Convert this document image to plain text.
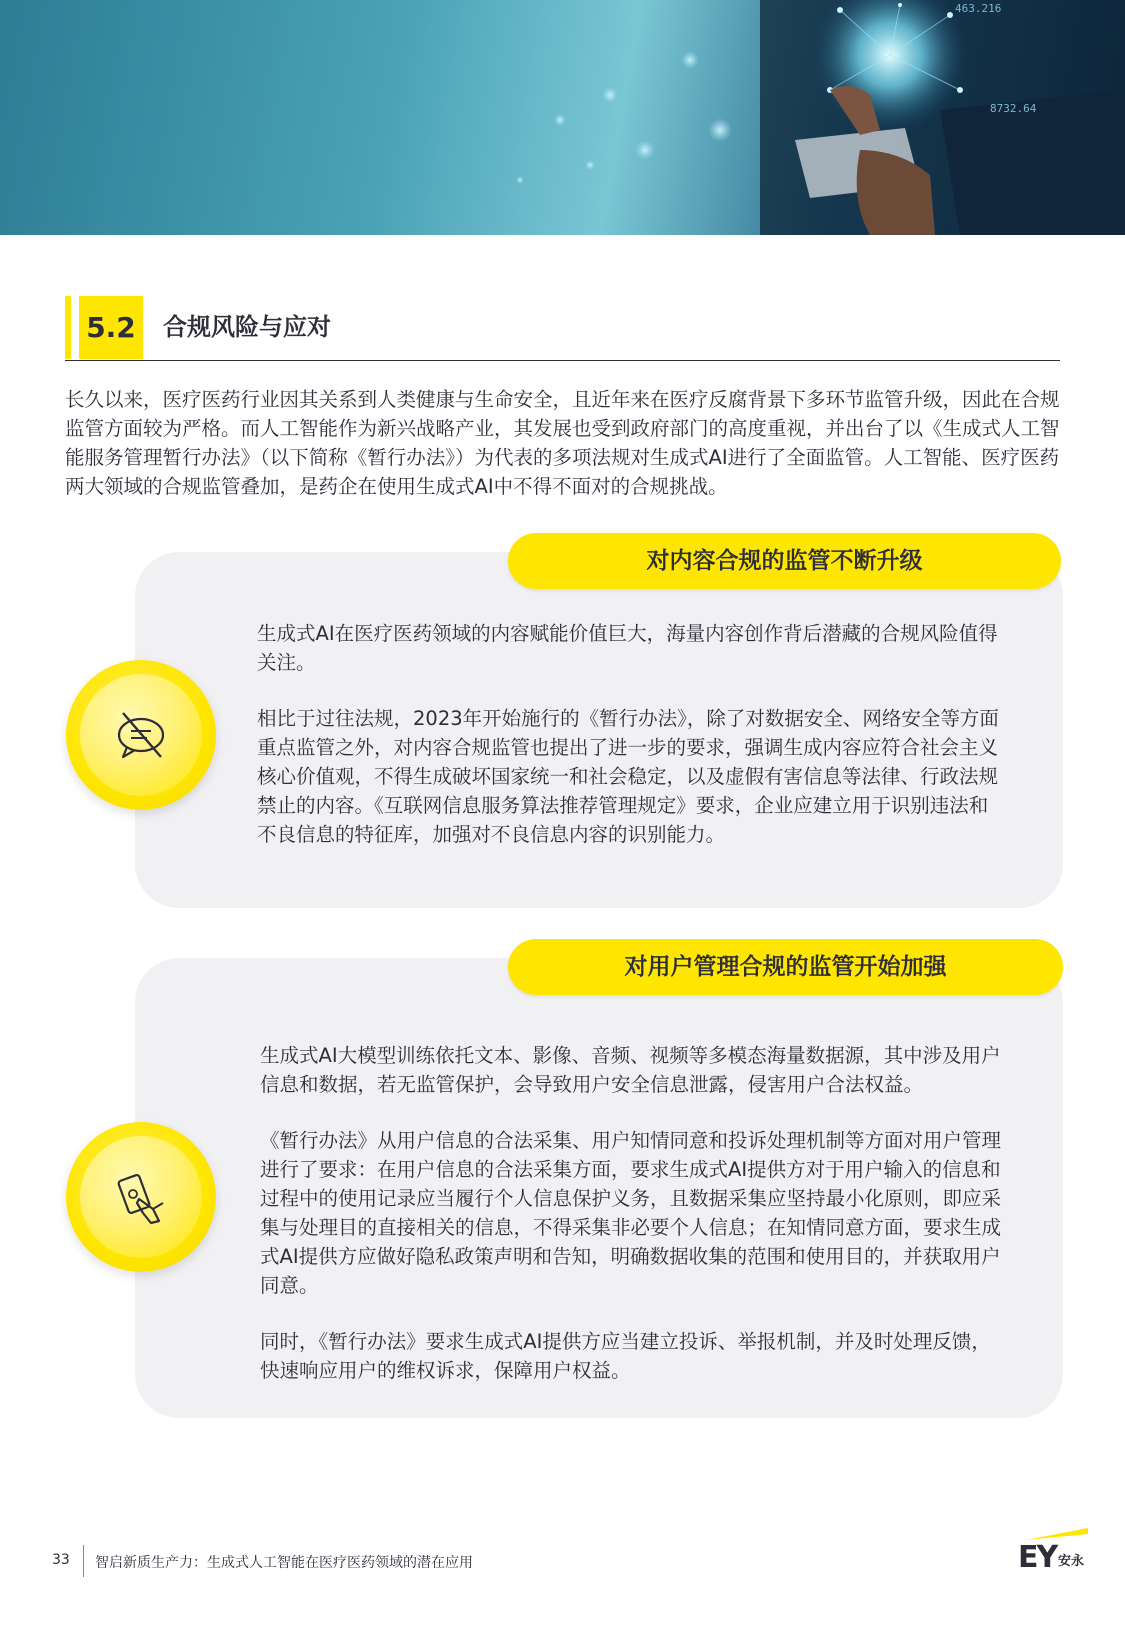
463.216
8732.64
5.2	合规风险与应对

长久以来，医疗医药行业因其关系到人类健康与生命安全，且近年来在医疗反腐背景下多环节监管升级，因此在合规监管方面较为严格。而人工智能作为新兴战略产业，其发展也受到政府部门的高度重视，并出台了以《生成式人工智能服务管理暂行办法》（以下简称《暂行办法》）为代表的多项法规对生成式AI进行了全面监管。人工智能、医疗医药两大领域的合规监管叠加，是药企在使用生成式AI中不得不面对的合规挑战。

对内容合规的监管不断升级

生成式AI在医疗医药领域的内容赋能价值巨大，海量内容创作背后潜藏的合规风险值得关注。

相比于过往法规，2023年开始施行的《暂行办法》，除了对数据安全、网络安全等方面重点监管之外，对内容合规监管也提出了进一步的要求，强调生成内容应符合社会主义核心价值观，不得生成破坏国家统一和社会稳定，以及虚假有害信息等法律、行政法规禁止的内容。《互联网信息服务算法推荐管理规定》要求，企业应建立用于识别违法和不良信息的特征库，加强对不良信息内容的识别能力。

对用户管理合规的监管开始加强

生成式AI大模型训练依托文本、影像、音频、视频等多模态海量数据源，其中涉及用户信息和数据，若无监管保护，会导致用户安全信息泄露，侵害用户合法权益。

《暂行办法》从用户信息的合法采集、用户知情同意和投诉处理机制等方面对用户管理进行了要求：在用户信息的合法采集方面，要求生成式AI提供方对于用户输入的信息和过程中的使用记录应当履行个人信息保护义务，且数据采集应坚持最小化原则，即应采集与处理目的直接相关的信息，不得采集非必要个人信息；在知情同意方面，要求生成式AI提供方应做好隐私政策声明和告知，明确数据收集的范围和使用目的，并获取用户同意。

同时，《暂行办法》要求生成式AI提供方应当建立投诉、举报机制，并及时处理反馈，快速响应用户的维权诉求，保障用户权益。

33 智启新质生产力：生成式人工智能在医疗医药领域的潜在应用	EY 安永
